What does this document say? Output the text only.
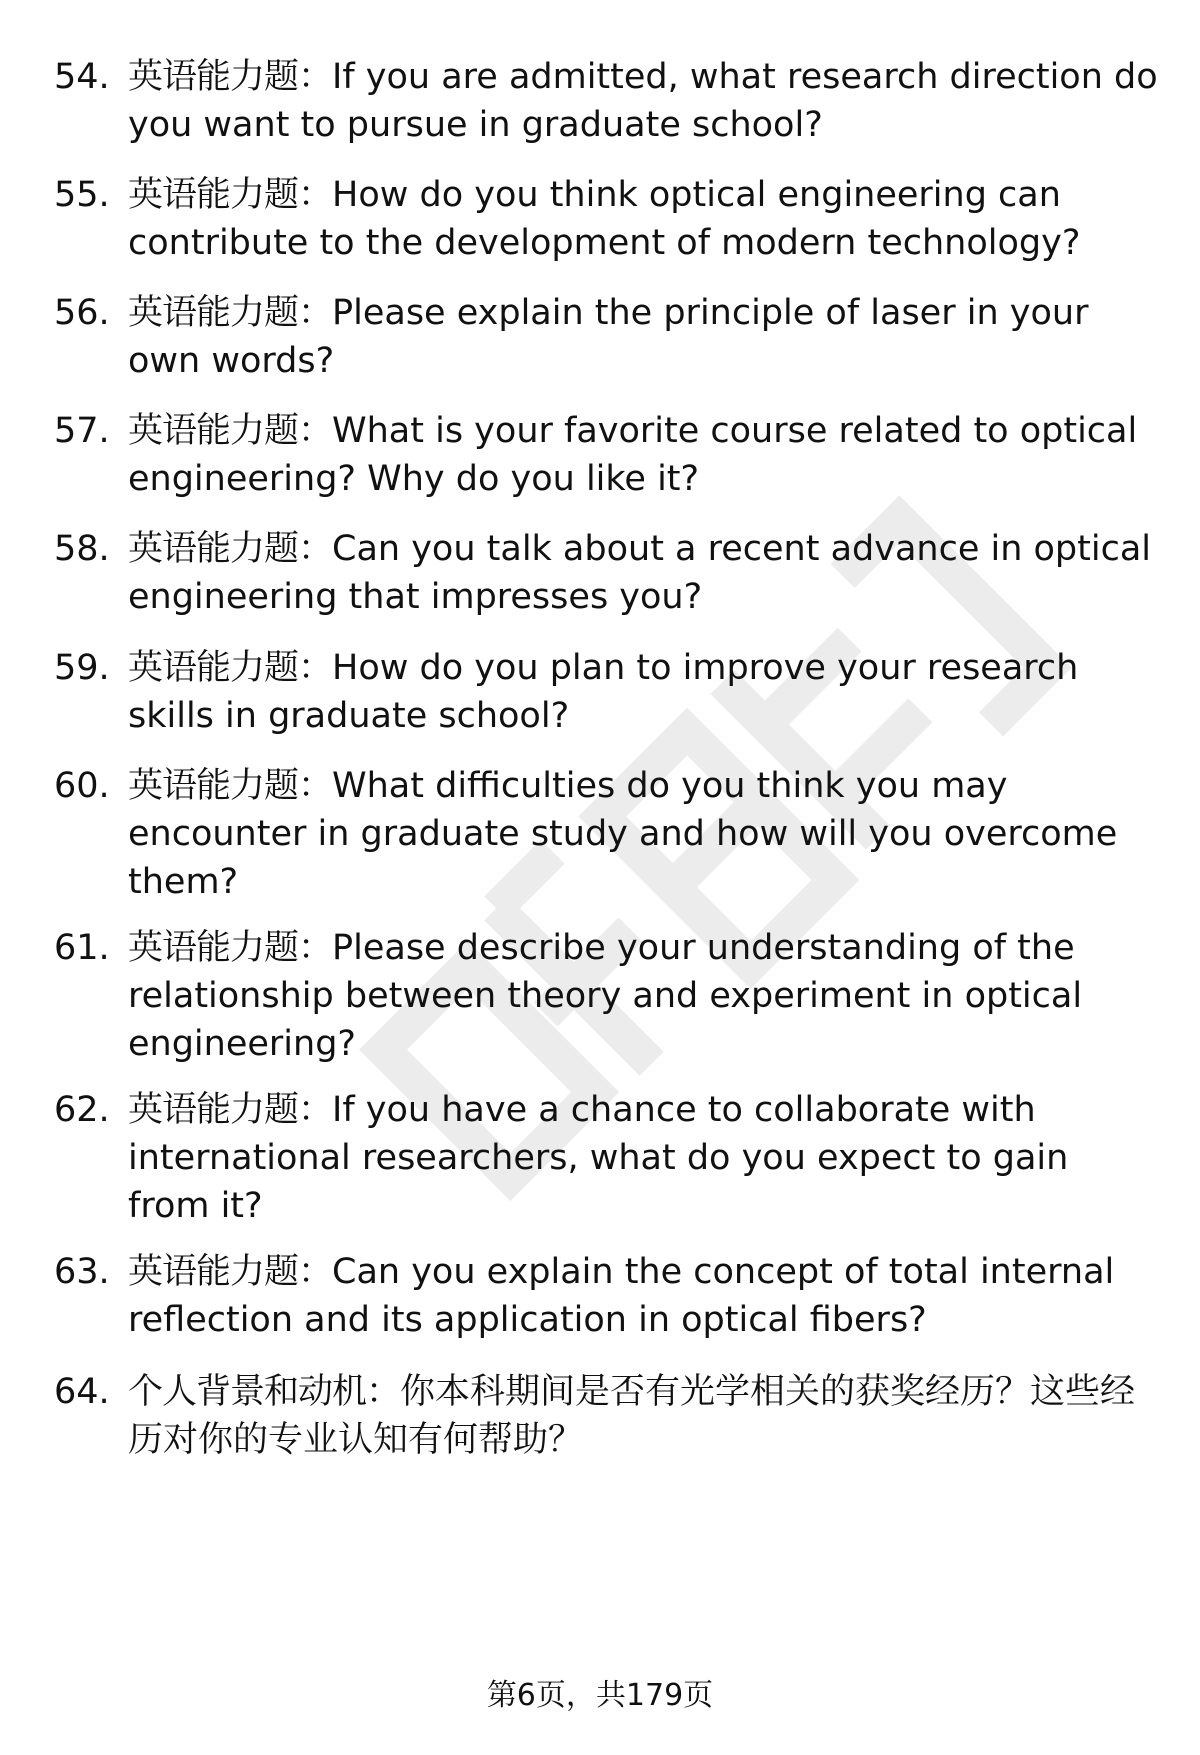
54. 英语能力题：If you are admitted, what research direction do you want to pursue in graduate school?
55. 英语能力题：How do you think optical engineering can contribute to the development of modern technology?
56. 英语能力题：Please explain the principle of laser in your own words?
57. 英语能力题：What is your favorite course related to optical engineering? Why do you like it?
58. 英语能力题：Can you talk about a recent advance in optical engineering that impresses you?
59. 英语能力题：How do you plan to improve your research skills in graduate school?
60. 英语能力题：What difficulties do you think you may encounter in graduate study and how will you overcome them?
61. 英语能力题：Please describe your understanding of the relationship between theory and experiment in optical engineering?
62. 英语能力题：If you have a chance to collaborate with international researchers, what do you expect to gain from it?
63. 英语能力题：Can you explain the concept of total internal reflection and its application in optical fibers?
64. 个人背景和动机：你本科期间是否有光学相关的获奖经历？这些经历对你的专业认知有何帮助？
第6页，共179页
